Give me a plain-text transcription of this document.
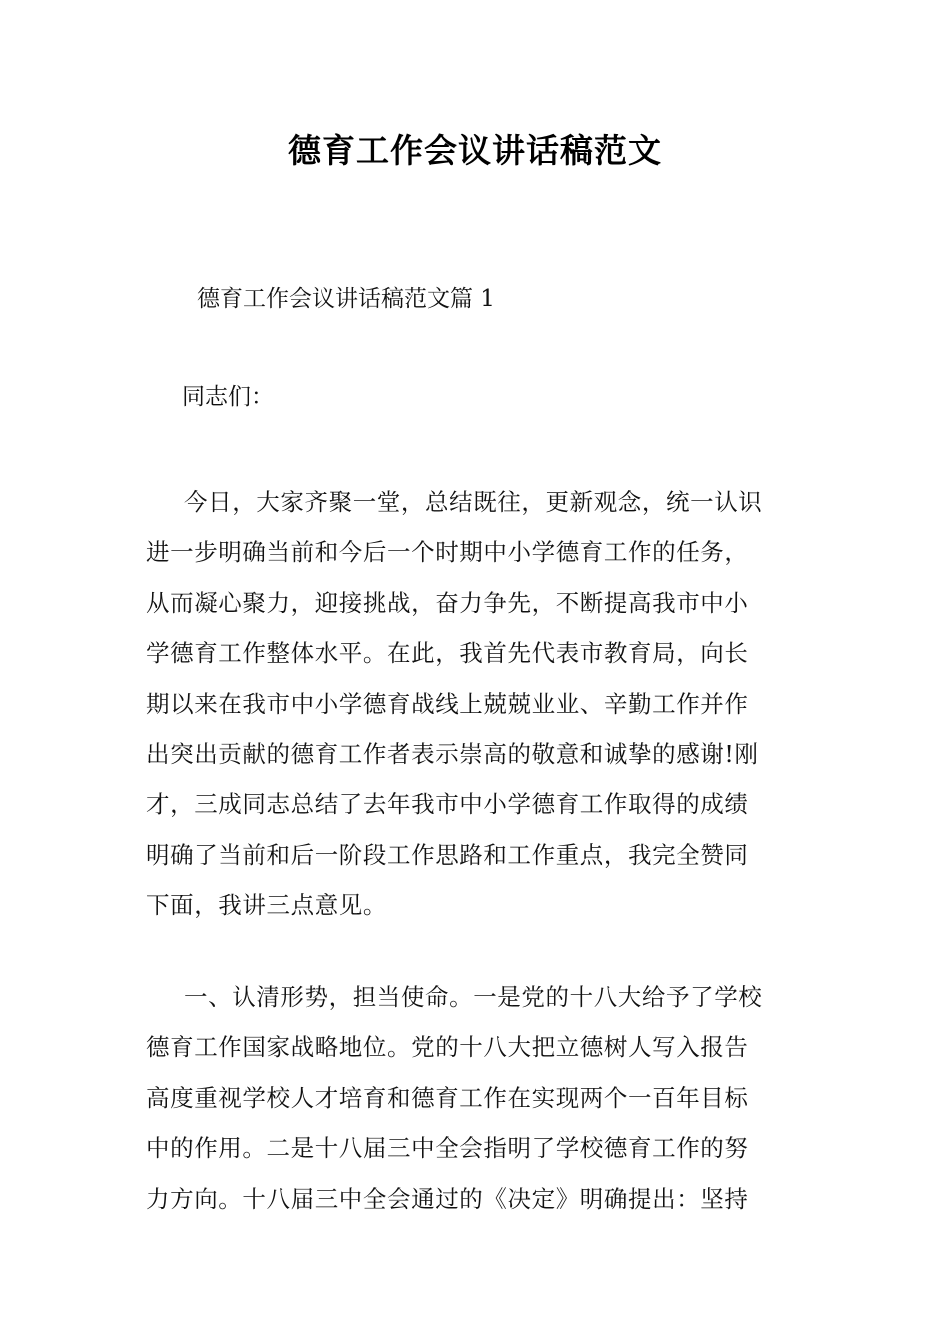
德育工作会议讲话稿范文
德育工作会议讲话稿范文篇 1
同志们：
今日，大家齐聚一堂，总结既往，更新观念，统一认识
进一步明确当前和今后一个时期中小学德育工作的任务，
从而凝心聚力，迎接挑战，奋力争先，不断提高我市中小
学德育工作整体水平。在此，我首先代表市教育局，向长
期以来在我市中小学德育战线上兢兢业业、辛勤工作并作
出突出贡献的德育工作者表示崇高的敬意和诚挚的感谢!刚
才，三成同志总结了去年我市中小学德育工作取得的成绩
明确了当前和后一阶段工作思路和工作重点，我完全赞同
下面，我讲三点意见。
一、认清形势，担当使命。一是党的十八大给予了学校
德育工作国家战略地位。党的十八大把立德树人写入报告
高度重视学校人才培育和德育工作在实现两个一百年目标
中的作用。二是十八届三中全会指明了学校德育工作的努
力方向。十八届三中全会通过的《决定》明确提出：坚持
